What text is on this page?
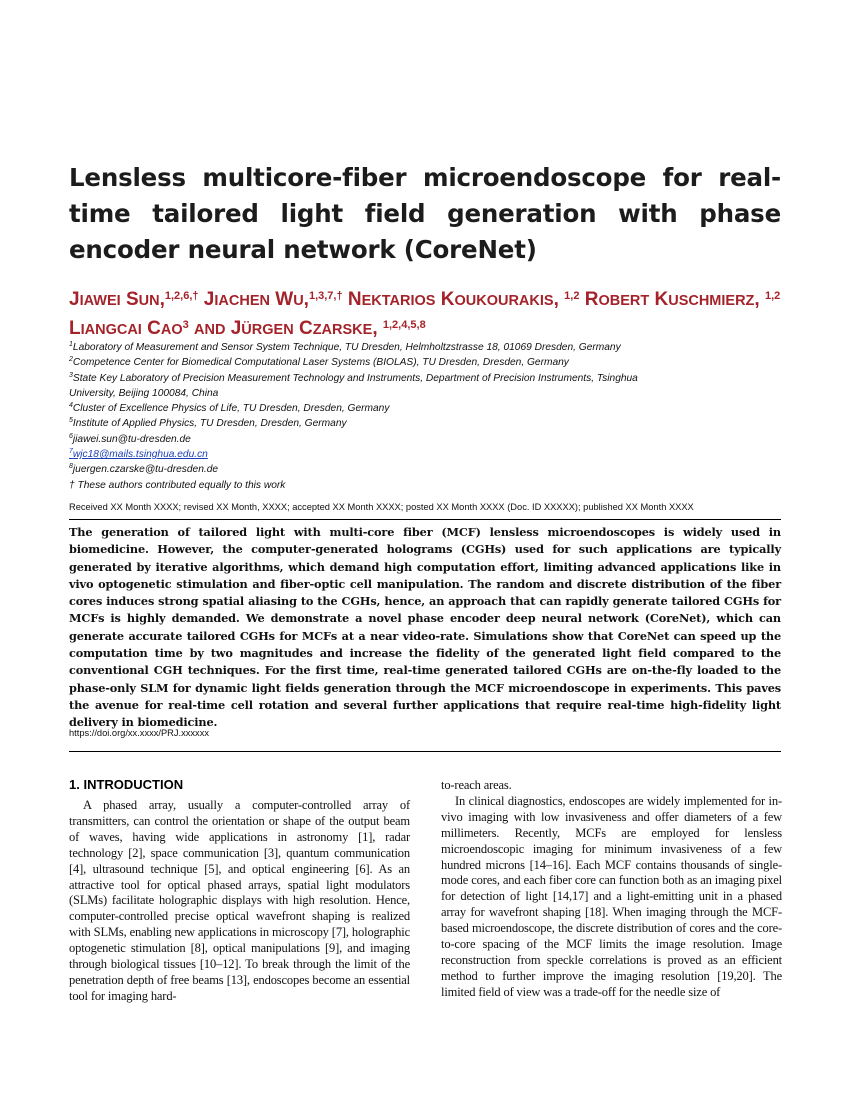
Lensless multicore-fiber microendoscope for real-time tailored light field generation with phase encoder neural network (CoreNet)
JIAWEI SUN,$^{1,2,6,\dagger}$ JIACHEN WU,$^{1,3,7,\dagger}$ NEKTARIOS KOUKOURAKIS, $^{1,2}$ ROBERT KUSCHMIERZ, $^{1,2}$ LIANGCAI CAO$^3$ AND JÜRGEN CZARSKE, $^{1,2,4,5,8}$
$^1$Laboratory of Measurement and Sensor System Technique, TU Dresden, Helmholtzstrasse 18, 01069 Dresden, Germany
$^2$Competence Center for Biomedical Computational Laser Systems (BIOLAS), TU Dresden, Dresden, Germany
$^3$State Key Laboratory of Precision Measurement Technology and Instruments, Department of Precision Instruments, Tsinghua
University, Beijing 100084, China
$^4$Cluster of Excellence Physics of Life, TU Dresden, Dresden, Germany
$^5$Institute of Applied Physics, TU Dresden, Dresden, Germany
$^6$jiawei.sun@tu-dresden.de
$^7$wjc18@mails.tsinghua.edu.cn
$^8$juergen.czarske@tu-dresden.de
† These authors contributed equally to this work
Received XX Month XXXX; revised XX Month, XXXX; accepted XX Month XXXX; posted XX Month XXXX (Doc. ID XXXXX); published XX Month XXXX

The generation of tailored light with multi-core fiber (MCF) lensless microendoscopes is widely used in biomedicine. However, the computer-generated holograms (CGHs) used for such applications are typically generated by iterative algorithms, which demand high computation effort, limiting advanced applications like in vivo optogenetic stimulation and fiber-optic cell manipulation. The random and discrete distribution of the fiber cores induces strong spatial aliasing to the CGHs, hence, an approach that can rapidly generate tailored CGHs for MCFs is highly demanded. We demonstrate a novel phase encoder deep neural network (CoreNet), which can generate accurate tailored CGHs for MCFs at a near video-rate. Simulations show that CoreNet can speed up the computation time by two magnitudes and increase the fidelity of the generated light field compared to the conventional CGH techniques. For the first time, real-time generated tailored CGHs are on-the-fly loaded to the phase-only SLM for dynamic light fields generation through the MCF microendoscope in experiments. This paves the avenue for real-time cell rotation and several further applications that require real-time high-fidelity light delivery in biomedicine.

https://doi.org/xx.xxxx/PRJ.xxxxxx
1. INTRODUCTION

A phased array, usually a computer-controlled array of transmitters, can control the orientation or shape of the output beam of waves, having wide applications in astronomy [1], radar technology [2], space communication [3], quantum communication [4], ultrasound technique [5], and optical engineering [6]. As an attractive tool for optical phased arrays, spatial light modulators (SLMs) facilitate holographic displays with high resolution. Hence, computer-controlled precise optical wavefront shaping is realized with SLMs, enabling new applications in microscopy [7], holographic optogenetic stimulation [8], optical manipulations [9], and imaging through biological tissues [10–12]. To break through the limit of the penetration depth of free beams [13], endoscopes become an essential tool for imaging hard-

to-reach areas.

In clinical diagnostics, endoscopes are widely implemented for in-vivo imaging with low invasiveness and offer diameters of a few millimeters. Recently, MCFs are employed for lensless microendoscopic imaging for minimum invasiveness of a few hundred microns [14–16]. Each MCF contains thousands of single-mode cores, and each fiber core can function both as an imaging pixel for detection of light [14,17] and a light-emitting unit in a phased array for wavefront shaping [18]. When imaging through the MCF-based microendoscope, the discrete distribution of cores and the core-to-core spacing of the MCF limits the image resolution. Image reconstruction from speckle correlations is proved as an efficient method to further improve the imaging resolution [19,20]. The limited field of view was a trade-off for the needle size of
